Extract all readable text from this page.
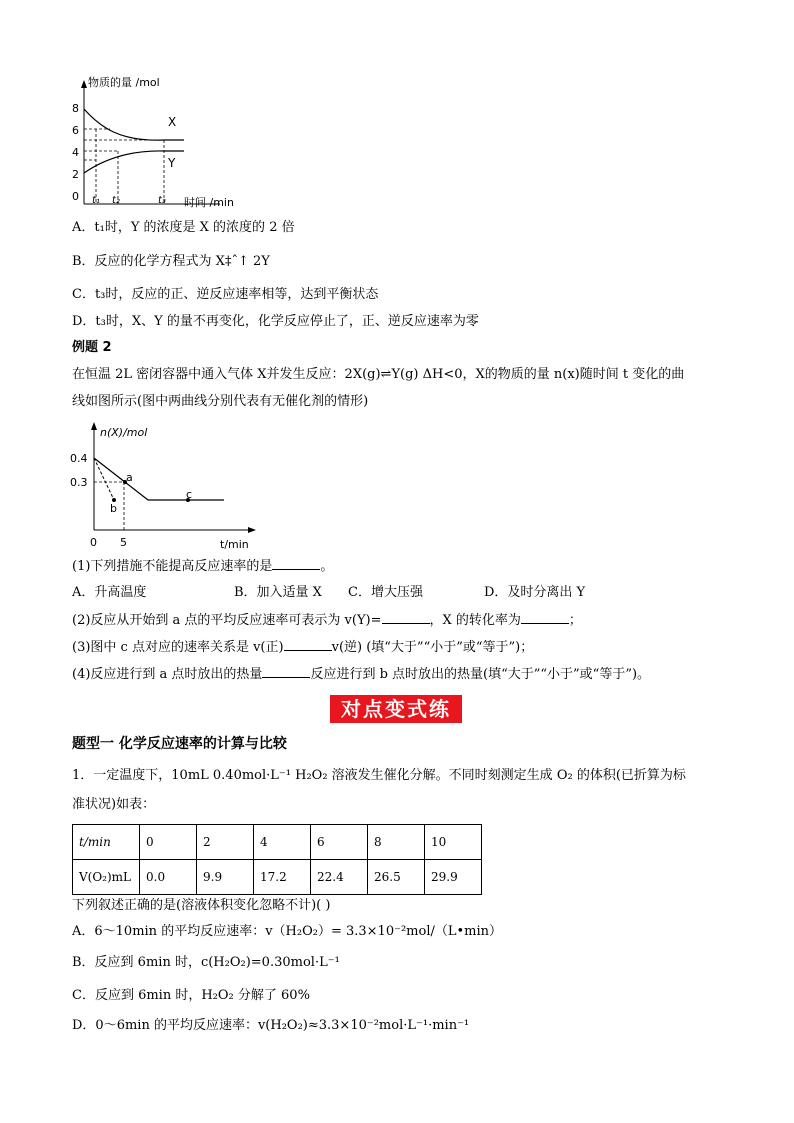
物质的量 /mol
时间 /min
8
6
4
2
0
X
Y
t₁ t₂	t₃
A．t₁时，Y 的浓度是 X 的浓度的 2 倍
B．反应的化学方程式为 X‡ˆ↑ 2Y
C．t₃时，反应的正、逆反应速率相等，达到平衡状态
D．t₃时，X、Y 的量不再变化，化学反应停止了，正、逆反应速率为零
例题 2
在恒温 2L 密闭容器中通入气体 X并发生反应：2X(g)⇌Y(g) ΔH<0，X的物质的量 n(x)随时间 t 变化的曲
线如图所示(图中两曲线分别代表有无催化剂的情形)
n(X)/mol
t/min
0.4
0.3
0 5
a
b
c
(1)下列措施不能提高反应速率的是	。
A．升高温度	B．加入适量 X C．增大压强	D．及时分离出 Y
(2)反应从开始到 a 点的平均反应速率可表示为 v(Y)=	，X 的转化率为	；
(3)图中 c 点对应的速率关系是 v(正)	v(逆) (填“大于”“小于”或“等于”)；
(4)反应进行到 a 点时放出的热量	反应进行到 b 点时放出的热量(填“大于”“小于”或“等于”)。
对点变式练
题型一 化学反应速率的计算与比较
1．一定温度下，10mL 0.40mol·L⁻¹ H₂O₂ 溶液发生催化分解。不同时刻测定生成 O₂ 的体积(已折算为标
准状况)如表：
t/min	0	2	4	6	8	10
V(O₂)mL	0.0	9.9	17.2	22.4	26.5	29.9
下列叙述正确的是(溶液体积变化忽略不计)( )
A．6～10min 的平均反应速率：v（H₂O₂）= 3.3×10⁻²mol/（L•min）
B．反应到 6min 时，c(H₂O₂)=0.30mol·L⁻¹
C．反应到 6min 时，H₂O₂ 分解了 60%
D．0～6min 的平均反应速率：v(H₂O₂)≈3.3×10⁻²mol·L⁻¹·min⁻¹
